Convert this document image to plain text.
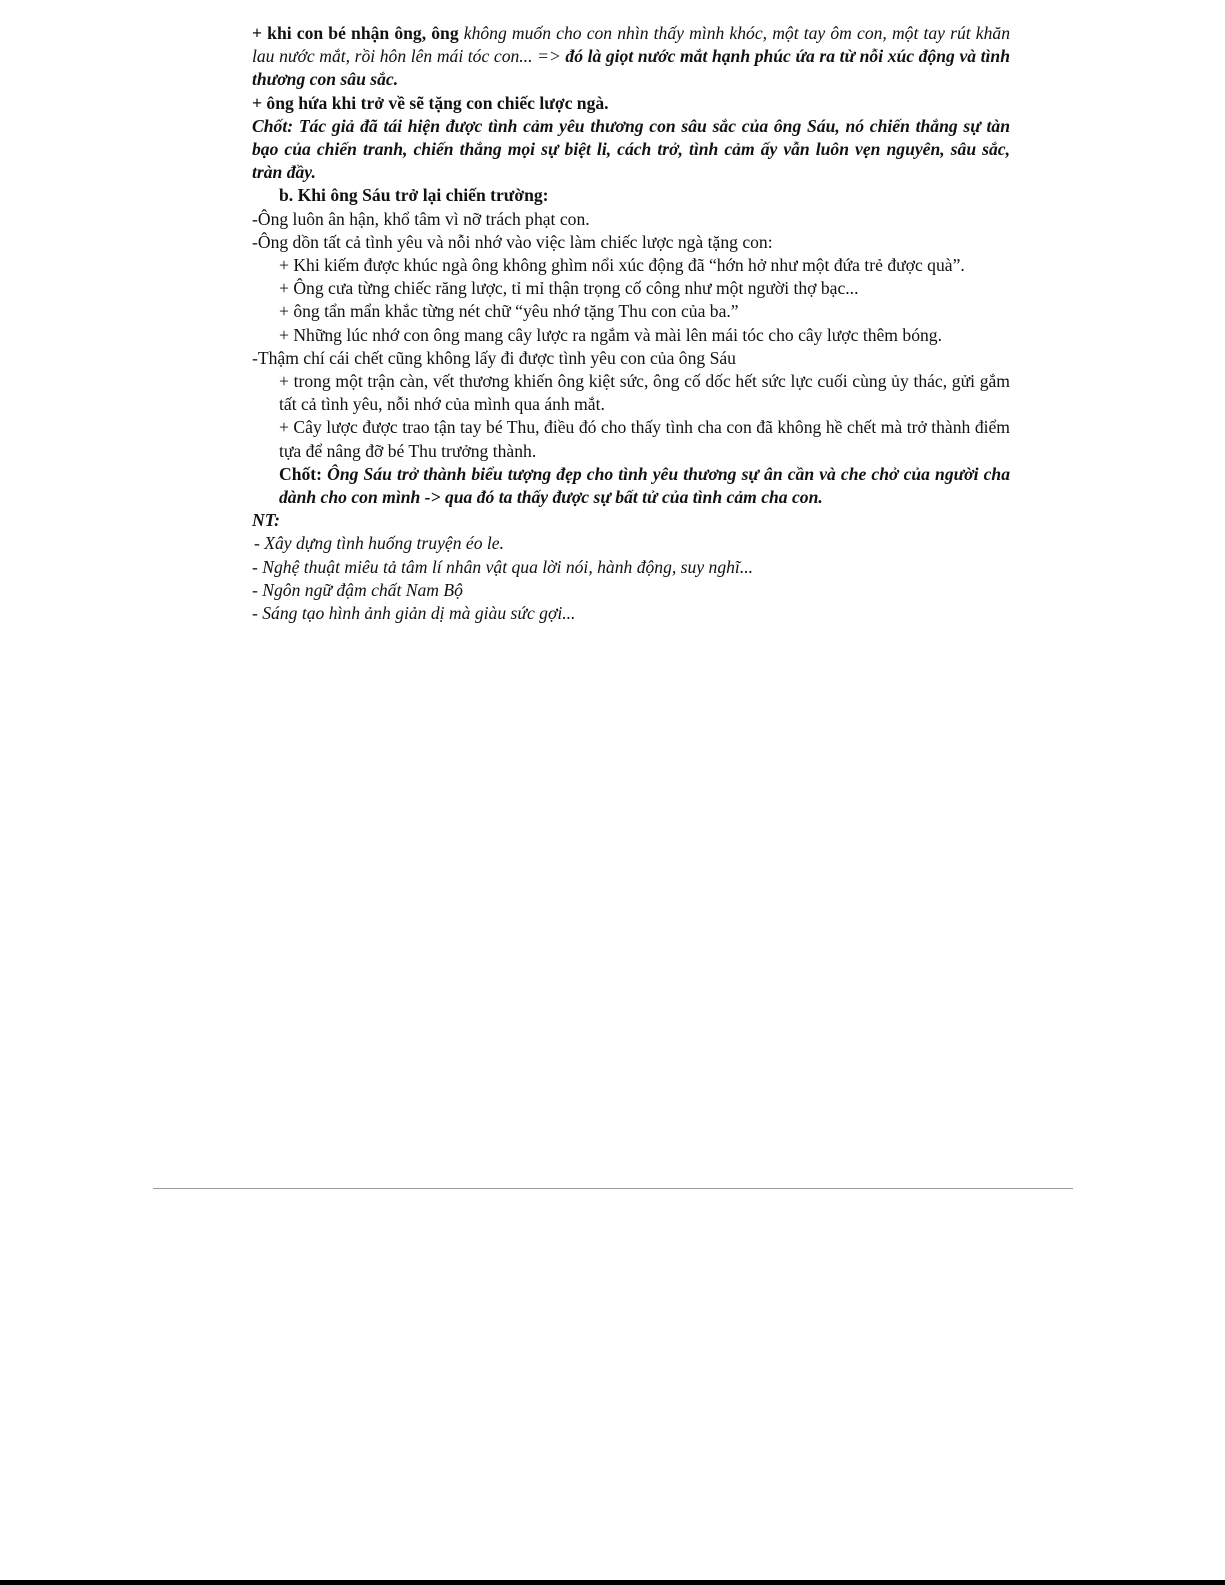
+ khi con bé nhận ông, ông không muốn cho con nhìn thấy mình khóc, một tay ôm con, một tay rút khăn lau nước mắt, rồi hôn lên mái tóc con... => đó là giọt nước mắt hạnh phúc ứa ra từ nỗi xúc động và tình thương con sâu sắc.

+ ông hứa khi trở về sẽ tặng con chiếc lược ngà.

Chốt: Tác giả đã tái hiện được tình cảm yêu thương con sâu sắc của ông Sáu, nó chiến thắng sự tàn bạo của chiến tranh, chiến thắng mọi sự biệt li, cách trở, tình cảm ấy vẫn luôn vẹn nguyên, sâu sắc, tràn đầy.

b. Khi ông Sáu trở lại chiến trường:

-Ông luôn ân hận, khổ tâm vì nỡ trách phạt con.

-Ông dồn tất cả tình yêu và nỗi nhớ vào việc làm chiếc lược ngà tặng con:

+ Khi kiếm được khúc ngà ông không ghìm nổi xúc động đã “hớn hở như một đứa trẻ được quà”.

+ Ông cưa từng chiếc răng lược, tỉ mỉ thận trọng cố công như một người thợ bạc...

+ ông tẩn mẩn khắc từng nét chữ “yêu nhớ tặng Thu con của ba.”

+ Những lúc nhớ con ông mang cây lược ra ngắm và mài lên mái tóc cho cây lược thêm bóng.

-Thậm chí cái chết cũng không lấy đi được tình yêu con của ông Sáu

+ trong một trận càn, vết thương khiến ông kiệt sức, ông cố dốc hết sức lực cuối cùng ủy thác, gửi gắm tất cả tình yêu, nỗi nhớ của mình qua ánh mắt.

+ Cây lược được trao tận tay bé Thu, điều đó cho thấy tình cha con đã không hề chết mà trở thành điểm tựa để nâng đỡ bé Thu trưởng thành.

Chốt: Ông Sáu trở thành biểu tượng đẹp cho tình yêu thương sự ân cần và che chở của người cha dành cho con mình -> qua đó ta thấy được sự bất tử của tình cảm cha con.

NT:

- Xây dựng tình huống truyện éo le.

- Nghệ thuật miêu tả tâm lí nhân vật qua lời nói, hành động, suy nghĩ...

- Ngôn ngữ đậm chất Nam Bộ

- Sáng tạo hình ảnh giản dị mà giàu sức gợi...
